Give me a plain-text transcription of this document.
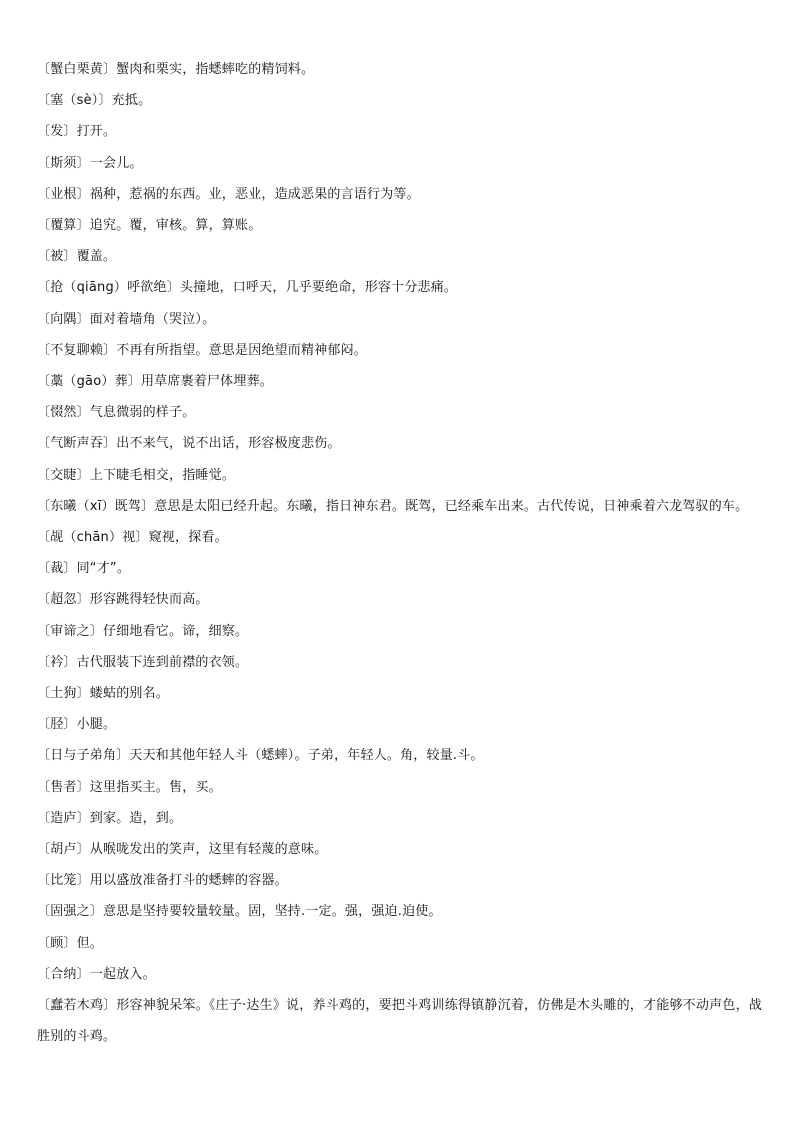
〔蟹白栗黄〕蟹肉和栗实，指蟋蟀吃的精饲料。
〔塞（sè）〕充抵。
〔发〕打开。
〔斯须〕一会儿。
〔业根〕祸种，惹祸的东西。业，恶业，造成恶果的言语行为等。
〔覆算〕追究。覆，审核。算，算账。
〔被〕覆盖。
〔抢（qiāng）呼欲绝〕头撞地，口呼天，几乎要绝命，形容十分悲痛。
〔向隅〕面对着墙角（哭泣）。
〔不复聊赖〕不再有所指望。意思是因绝望而精神郁闷。
〔藁（gāo）葬〕用草席裹着尸体埋葬。
〔惙然〕气息微弱的样子。
〔气断声吞〕出不来气，说不出话，形容极度悲伤。
〔交睫〕上下睫毛相交，指睡觉。
〔东曦（xī）既驾〕意思是太阳已经升起。东曦，指日神东君。既驾，已经乘车出来。古代传说，日神乘着六龙驾驭的车。
〔觇（chān）视〕窥视，探看。
〔裁〕同“才”。
〔超忽〕形容跳得轻快而高。
〔审谛之〕仔细地看它。谛，细察。
〔衿〕古代服装下连到前襟的衣领。
〔土狗〕蝼蛄的别名。
〔胫〕小腿。
〔日与子弟角〕天天和其他年轻人斗（蟋蟀）。子弟，年轻人。角，较量.斗。
〔售者〕这里指买主。售，买。
〔造庐〕到家。造，到。
〔胡卢〕从喉咙发出的笑声，这里有轻蔑的意味。
〔比笼〕用以盛放准备打斗的蟋蟀的容器。
〔固强之〕意思是坚持要较量较量。固，坚持.一定。强，强迫.迫使。
〔顾〕但。
〔合纳〕一起放入。
〔蠢若木鸡〕形容神貌呆笨。《庄子·达生》说，养斗鸡的，要把斗鸡训练得镇静沉着，仿佛是木头雕的，才能够不动声色，战胜别的斗鸡。
